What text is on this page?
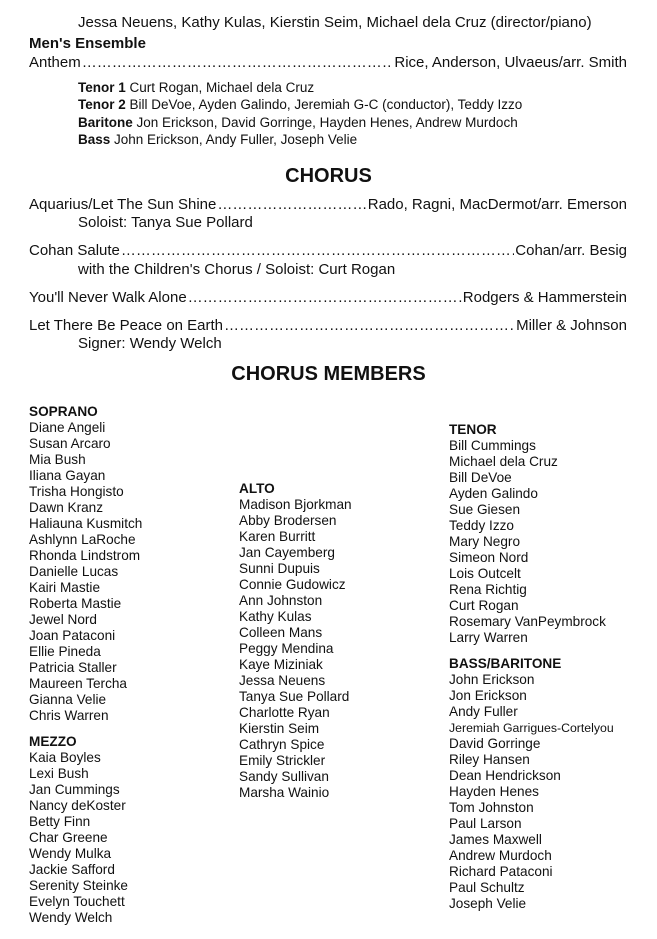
Jessa Neuens, Kathy Kulas, Kierstin Seim, Michael dela Cruz (director/piano)
Men's Ensemble
Anthem ……………………………………………………………………………………………………………………………………………………	Rice, Anderson, Ulvaeus/arr. Smith
Tenor 1 Curt Rogan, Michael dela Cruz
Tenor 2 Bill DeVoe, Ayden Galindo, Jeremiah G-C (conductor), Teddy Izzo
Baritone Jon Erickson, David Gorringe, Hayden Henes, Andrew Murdoch
Bass John Erickson, Andy Fuller, Joseph Velie
CHORUS
Aquarius/Let The Sun Shine ……………………………………………………………………………………………………………………………………………………	Rado, Ragni, MacDermot/arr. Emerson
Soloist: Tanya Sue Pollard
Cohan Salute ……………………………………………………………………………………………………………………………………………………	Cohan/arr. Besig
with the Children's Chorus / Soloist: Curt Rogan
You'll Never Walk Alone ……………………………………………………………………………………………………………………………………………………	Rodgers & Hammerstein
Let There Be Peace on Earth ……………………………………………………………………………………………………………………………………………………	Miller & Johnson
Signer: Wendy Welch
CHORUS MEMBERS
SOPRANO
Diane Angeli
Susan Arcaro
Mia Bush
Iliana Gayan
Trisha Hongisto
Dawn Kranz
Haliauna Kusmitch
Ashlynn LaRoche
Rhonda Lindstrom
Danielle Lucas
Kairi Mastie
Roberta Mastie
Jewel Nord
Joan Pataconi
Ellie Pineda
Patricia Staller
Maureen Tercha
Gianna Velie
Chris Warren
MEZZO
Kaia Boyles
Lexi Bush
Jan Cummings
Nancy deKoster
Betty Finn
Char Greene
Wendy Mulka
Jackie Safford
Serenity Steinke
Evelyn Touchett
Wendy Welch
ALTO
Madison Bjorkman
Abby Brodersen
Karen Burritt
Jan Cayemberg
Sunni Dupuis
Connie Gudowicz
Ann Johnston
Kathy Kulas
Colleen Mans
Peggy Mendina
Kaye Miziniak
Jessa Neuens
Tanya Sue Pollard
Charlotte Ryan
Kierstin Seim
Cathryn Spice
Emily Strickler
Sandy Sullivan
Marsha Wainio
TENOR
Bill Cummings
Michael dela Cruz
Bill DeVoe
Ayden Galindo
Sue Giesen
Teddy Izzo
Mary Negro
Simeon Nord
Lois Outcelt
Rena Richtig
Curt Rogan
Rosemary VanPeymbrock
Larry Warren
BASS/BARITONE
John Erickson
Jon Erickson
Andy Fuller
Jeremiah Garrigues-Cortelyou
David Gorringe
Riley Hansen
Dean Hendrickson
Hayden Henes
Tom Johnston
Paul Larson
James Maxwell
Andrew Murdoch
Richard Pataconi
Paul Schultz
Joseph Velie
